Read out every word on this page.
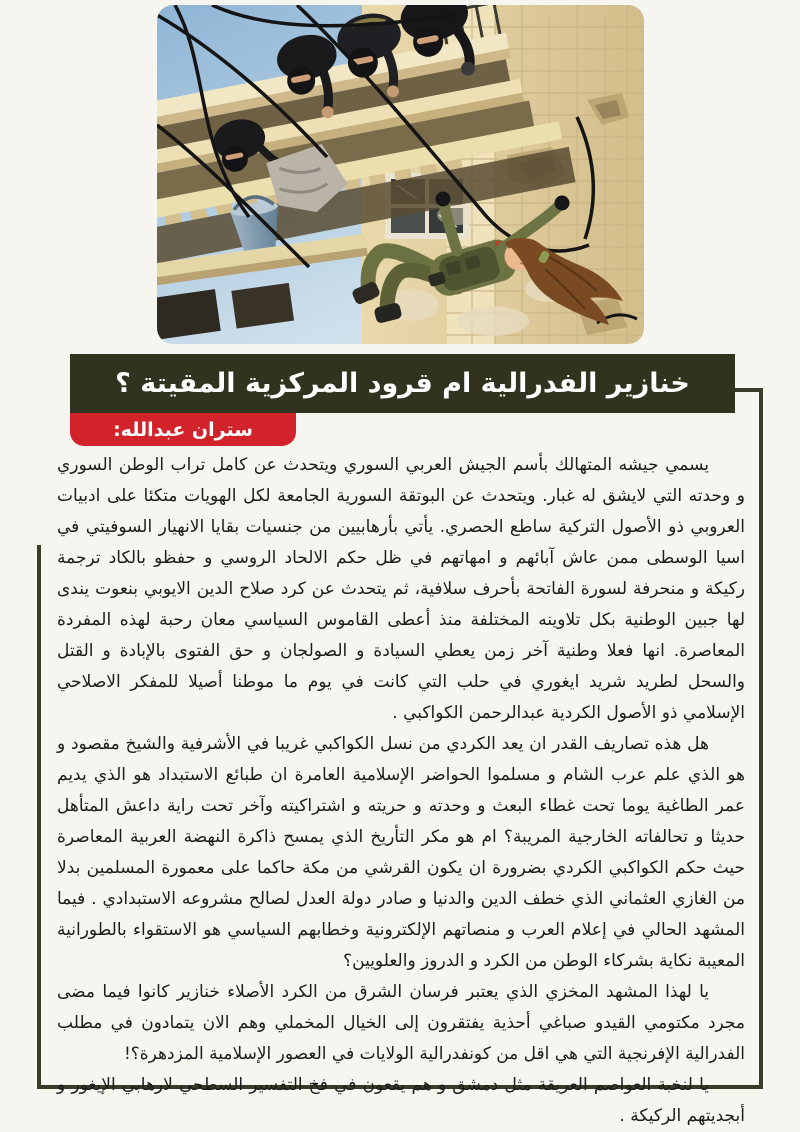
خنازير الفدرالية ام قرود المركزية المقيتة ؟
ستران عبدالله:

يسمي جيشه المتهالك بأسم الجيش العربي السوري ويتحدث عن كامل تراب الوطن السوري و وحدته التي لايشق له غبار. ويتحدث عن البوتقة السورية الجامعة لكل الهويات متكئا على ادبيات العروبي ذو الأصول التركية ساطع الحصري. يأتي بأرهابيين من جنسيات بقايا الانهيار السوفيتي في اسيا الوسطى ممن عاش آبائهم و امهاتهم في ظل حكم الالحاد الروسي و حفظو بالكاد ترجمة ركيكة و منحرفة لسورة الفاتحة بأحرف سلافية، ثم يتحدث عن كرد صلاح الدين الايوبي بنعوت يندى لها جبين الوطنية بكل تلاوينه المختلفة منذ أعطى القاموس السياسي معان رحبة لهذه المفردة المعاصرة. انها فعلا وطنية آخر زمن يعطي السيادة و الصولجان و حق الفتوى بالإبادة و القتل والسحل لطريد شريد ايغوري في حلب التي كانت في يوم ما موطنا أصيلا للمفكر الاصلاحي الإسلامي ذو الأصول الكردية عبدالرحمن الكواكبي .

هل هذه تصاريف القدر ان يعد الكردي من نسل الكواكبي غريبا في الأشرفية والشيخ مقصود و هو الذي علم عرب الشام و مسلموا الحواضر الإسلامية العامرة ان طبائع الاستبداد هو الذي يديم عمر الطاغية يوما تحت غطاء البعث و وحدته و حريته و اشتراكيته وآخر تحت راية داعش المتأهل حديثا و تحالفاته الخارجية المريبة؟ ام هو مكر التأريخ الذي يمسح ذاكرة النهضة العربية المعاصرة حيث حكم الكواكبي الكردي بضرورة ان يكون القرشي من مكة حاكما على معمورة المسلمين بدلا من الغازي العثماني الذي خطف الدين والدنيا و صادر دولة العدل لصالح مشروعه الاستبدادي . فيما المشهد الحالي في إعلام العرب و منصاتهم الإلكترونية وخطابهم السياسي هو الاستقواء بالطورانية المعيبة نكاية بشركاء الوطن من الكرد و الدروز والعلويين؟

يا لهذا المشهد المخزي الذي يعتبر فرسان الشرق من الكرد الأصلاء خنازير كانوا فيما مضى مجرد مكتومي القيدو صباغي أحذية يفتقرون إلى الخيال المخملي وهم الان يتمادون في مطلب الفدرالية الإفرنجية التي هي اقل من كونفدرالية الولايات في العصور الإسلامية المزدهرة؟!

يا لنخبة العواصم العريقة مثل دمشق و هم يقعون في فخ التفسير السطحي لارهابي الإيغور و أبجديتهم الركيكة .
